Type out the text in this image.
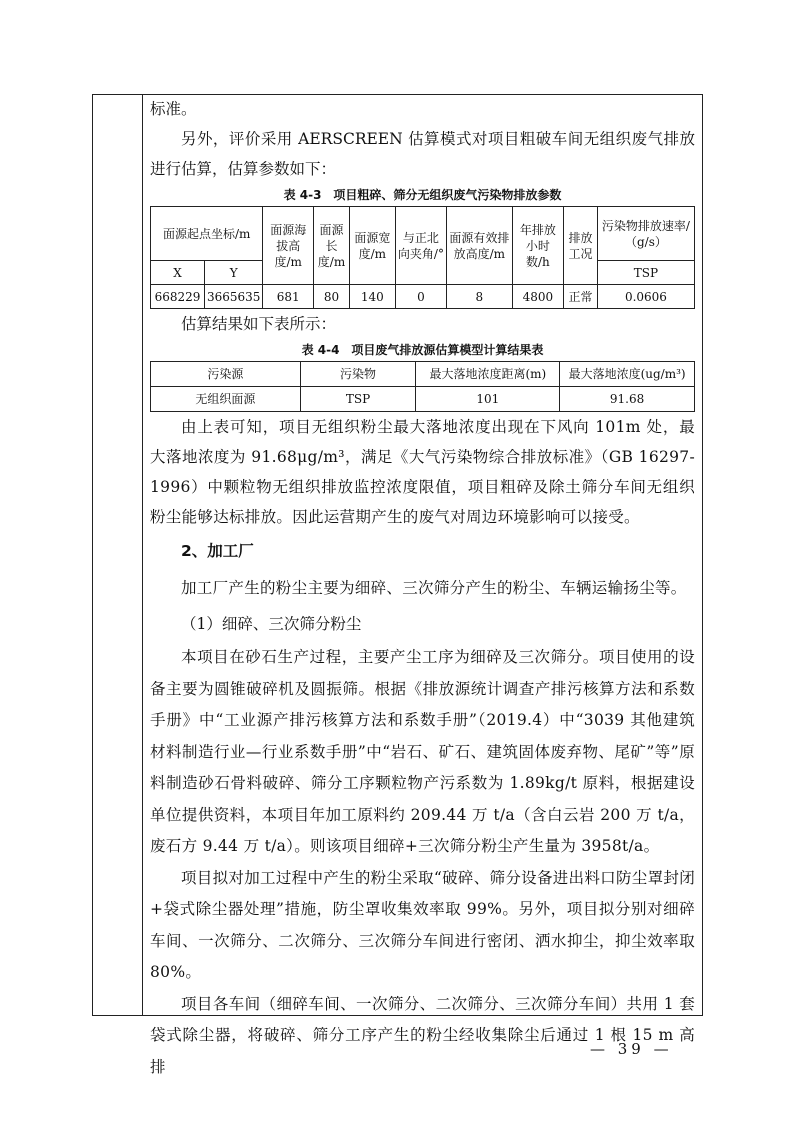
标准。

另外，评价采用 AERSCREEN 估算模式对项目粗破车间无组织废气排放进行估算，估算参数如下：

表 4-3　项目粗碎、筛分无组织废气污染物排放参数
面源起点坐标/m		面源海拔高度/m	面源长度/m	面源宽度/m	与正北向夹角/°	面源有效排放高度/m	年排放小时数/h	排放工况	污染物排放速率/（g/s）
X	Y								TSP
668229	3665635	681	80	140	0	8	4800	正常	0.0606

估算结果如下表所示：

表 4-4　项目废气排放源估算模型计算结果表
污染源	污染物	最大落地浓度距离(m)	最大落地浓度(ug/m³)
无组织面源	TSP	101	91.68

由上表可知，项目无组织粉尘最大落地浓度出现在下风向 101m 处，最大落地浓度为 91.68μg/m³，满足《大气污染物综合排放标准》（GB 16297-1996）中颗粒物无组织排放监控浓度限值，项目粗碎及除土筛分车间无组织粉尘能够达标排放。因此运营期产生的废气对周边环境影响可以接受。

2、加工厂

加工厂产生的粉尘主要为细碎、三次筛分产生的粉尘、车辆运输扬尘等。

（1）细碎、三次筛分粉尘

本项目在砂石生产过程，主要产尘工序为细碎及三次筛分。项目使用的设备主要为圆锥破碎机及圆振筛。根据《排放源统计调查产排污核算方法和系数手册》中“工业源产排污核算方法和系数手册”（2019.4）中“3039 其他建筑材料制造行业—行业系数手册”中“岩石、矿石、建筑固体废弃物、尾矿”等”原料制造砂石骨料破碎、筛分工序颗粒物产污系数为 1.89kg/t 原料，根据建设单位提供资料，本项目年加工原料约 209.44 万 t/a（含白云岩 200 万 t/a，废石方 9.44 万 t/a）。则该项目细碎+三次筛分粉尘产生量为 3958t/a。

项目拟对加工过程中产生的粉尘采取“破碎、筛分设备进出料口防尘罩封闭+袋式除尘器处理”措施，防尘罩收集效率取 99%。另外，项目拟分别对细碎车间、一次筛分、二次筛分、三次筛分车间进行密闭、洒水抑尘，抑尘效率取 80%。

项目各车间（细碎车间、一次筛分、二次筛分、三次筛分车间）共用 1 套袋式除尘器，将破碎、筛分工序产生的粉尘经收集除尘后通过 1 根 15 m 高排

— 39 —
